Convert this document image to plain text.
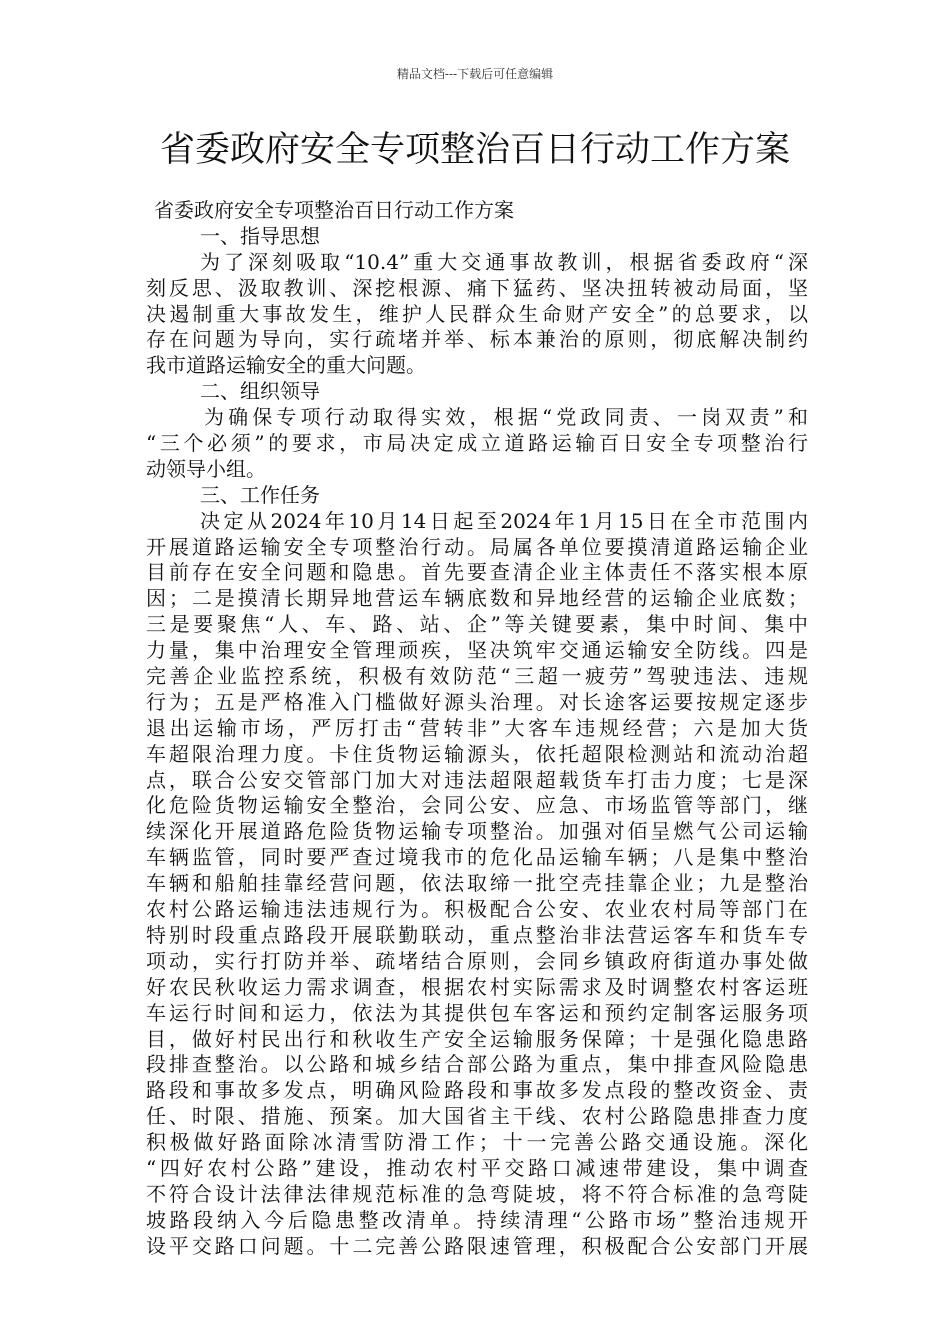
精品文档---下载后可任意编辑
省委政府安全专项整治百日行动工作方案
省委政府安全专项整治百日行动工作方案
一、指导思想
为了深刻吸取“10.4”重大交通事故教训，根据省委政府“深
刻反思、汲取教训、深挖根源、痛下猛药、坚决扭转被动局面，坚
决遏制重大事故发生，维护人民群众生命财产安全”的总要求，以
存在问题为导向，实行疏堵并举、标本兼治的原则，彻底解决制约
我市道路运输安全的重大问题。
二、组织领导
为确保专项行动取得实效，根据“党政同责、一岗双责”和
“三个必须”的要求，市局决定成立道路运输百日安全专项整治行
动领导小组。
三、工作任务
决定从2024年10月14日起至2024年1月15日在全市范围内
开展道路运输安全专项整治行动。局属各单位要摸清道路运输企业
目前存在安全问题和隐患。首先要查清企业主体责任不落实根本原
因；二是摸清长期异地营运车辆底数和异地经营的运输企业底数；
三是要聚焦“人、车、路、站、企”等关键要素，集中时间、集中
力量，集中治理安全管理顽疾，坚决筑牢交通运输安全防线。四是
完善企业监控系统，积极有效防范“三超一疲劳”驾驶违法、违规
行为；五是严格准入门槛做好源头治理。对长途客运要按规定逐步
退出运输市场，严厉打击“营转非”大客车违规经营；六是加大货
车超限治理力度。卡住货物运输源头，依托超限检测站和流动治超
点，联合公安交管部门加大对违法超限超载货车打击力度；七是深
化危险货物运输安全整治，会同公安、应急、市场监管等部门，继
续深化开展道路危险货物运输专项整治。加强对佰呈燃气公司运输
车辆监管，同时要严查过境我市的危化品运输车辆；八是集中整治
车辆和船舶挂靠经营问题，依法取缔一批空壳挂靠企业；九是整治
农村公路运输违法违规行为。积极配合公安、农业农村局等部门在
特别时段重点路段开展联勤联动，重点整治非法营运客车和货车专
项动，实行打防并举、疏堵结合原则，会同乡镇政府街道办事处做
好农民秋收运力需求调查，根据农村实际需求及时调整农村客运班
车运行时间和运力，依法为其提供包车客运和预约定制客运服务项
目，做好村民出行和秋收生产安全运输服务保障；十是强化隐患路
段排查整治。以公路和城乡结合部公路为重点，集中排查风险隐患
路段和事故多发点，明确风险路段和事故多发点段的整改资金、责
任、时限、措施、预案。加大国省主干线、农村公路隐患排查力度
积极做好路面除冰清雪防滑工作；十一完善公路交通设施。深化
“四好农村公路”建设，推动农村平交路口减速带建设，集中调查
不符合设计法律法律规范标准的急弯陡坡，将不符合标准的急弯陡
坡路段纳入今后隐患整改清单。持续清理“公路市场”整治违规开
设平交路口问题。十二完善公路限速管理，积极配合公安部门开展
